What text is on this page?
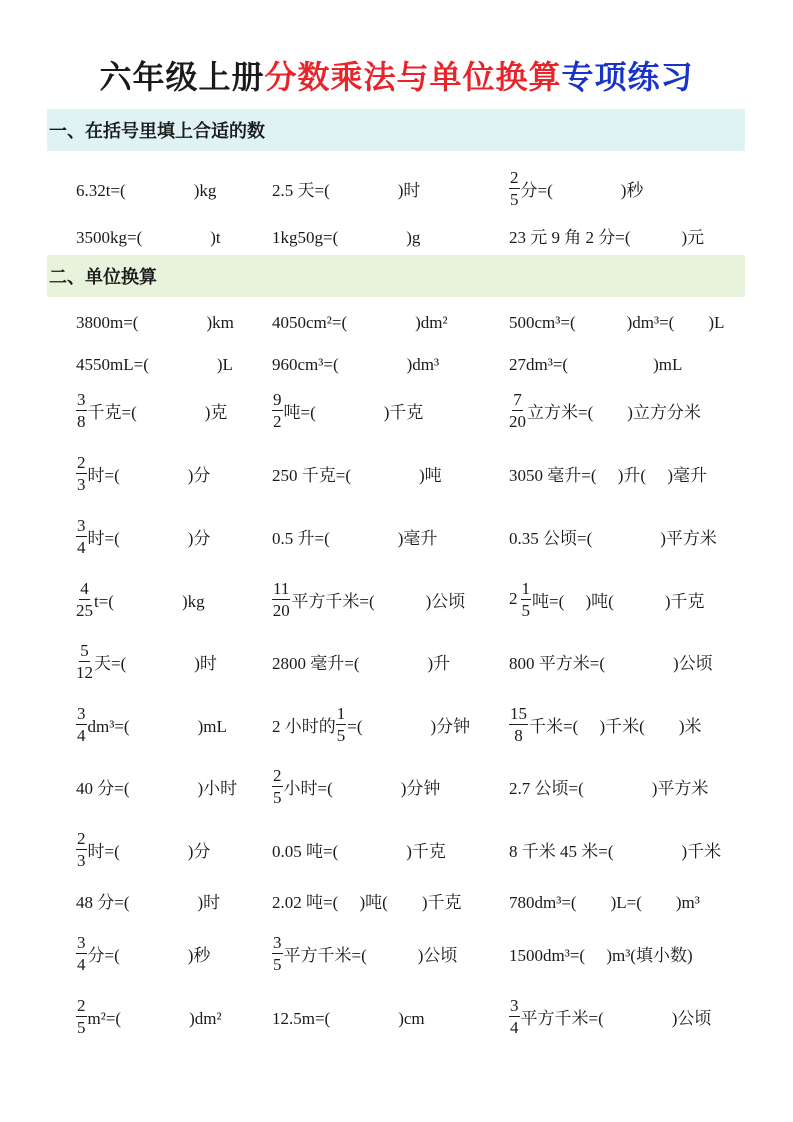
六年级上册分数乘法与单位换算专项练习
一、在括号里填上合适的数
二、单位换算
6.32t=(　　　　)kg	2.5 天=(　　　　)时	$\frac{2}{5}$ 分=(　　　　)秒
3500kg=(　　　　)t	1kg50g=(　　　　)g	23 元 9 角 2 分=(　　　)元
3800m=(　　　　)km 4050cm²=(　　　　)dm²	500cm³=(　　　)dm³=(　　)L
4550mL=(　　　　)L 960cm³=(　　　　)dm³	27dm³=(　　　　　)mL
$\frac{3}{8}$ 千克=(　　　　)克	$\frac{9}{2}$ 吨=(　　　　)千克	$\frac{7}{20}$ 立方米=(　　)立方分米
$\frac{2}{3}$ 时=(　　　　)分	250 千克=(　　　　)吨	3050 毫升=(　 )升(　 )毫升
$\frac{3}{4}$ 时=(　　　　)分	0.5 升=(　　　　)毫升	0.35 公顷=(　　　　)平方米
$\frac{4}{25} t=$(　　　　)kg	$\frac{11}{20}$ 平方千米=(　　　)公顷	$2 \frac{1}{5}$ 吨=(　 )吨(　　　)千克
$\frac{5}{12}$ 天=(　　　　)时	2800 毫升=(　　　　)升	800 平方米=(　　　　)公顷
$\frac{3}{4} dm^3=$(　　　　)mL	2 小时的 $\frac{1}{5}$ =(　　　　)分钟 $\frac{15}{8}$ 千米=(　 )千米(　　)米
40 分=(　　　　)小时 $\frac{2}{5}$ 小时=(　　　　)分钟	2.7 公顷=(　　　　)平方米
$\frac{2}{3}$ 时=(　　　　)分	0.05 吨=(　　　　)千克	8 千米 45 米=(　　　　)千米
48 分=(　　　　)时	2.02 吨=(　 )吨(　　)千克	780dm³=(　　)L=(　　)m³
$\frac{3}{4}$ 分=(　　　　)秒	$\frac{3}{5}$ 平方千米=(　　　)公顷	1500dm³=(　 )m³(填小数)
$\frac{2}{5} m^2=$(　　　　)dm²	12.5m=(　　　　)cm	$\frac{3}{4}$ 平方千米=(　　　　)公顷
